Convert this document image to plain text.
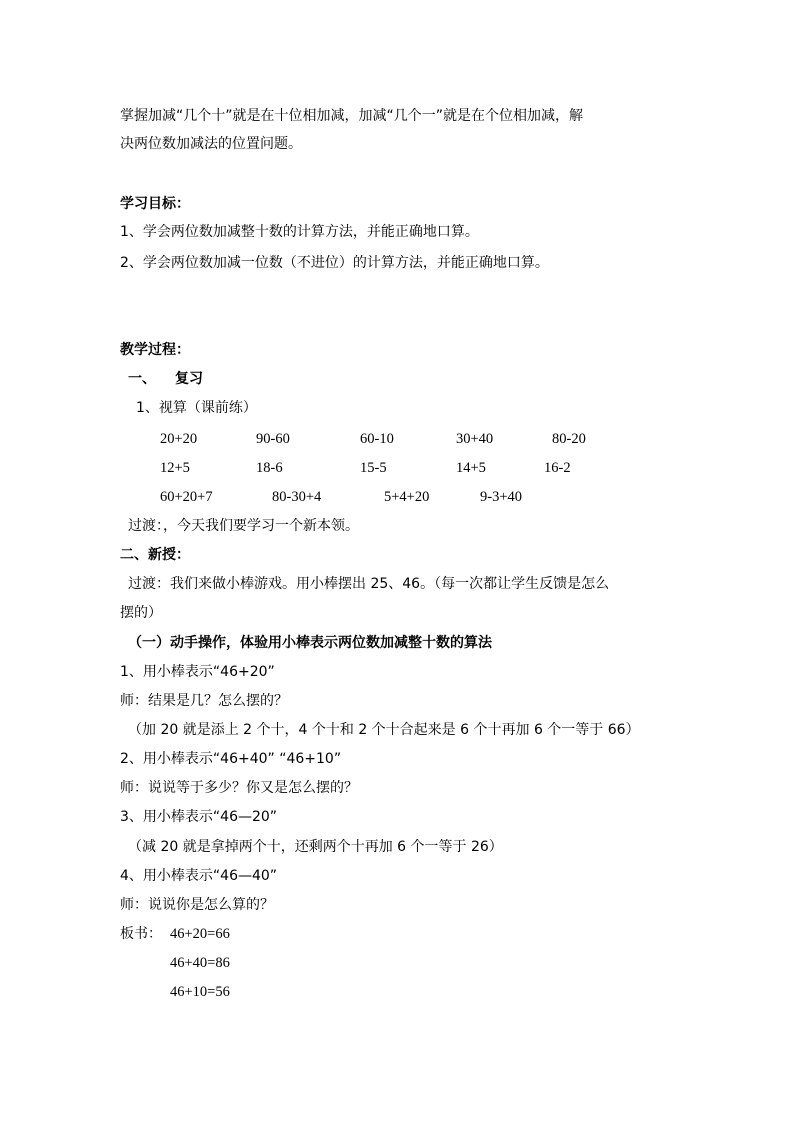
掌握加减“几个十”就是在十位相加减，加减“几个一”就是在个位相加减，解
决两位数加减法的位置问题。
学习目标：
1、学会两位数加减整十数的计算方法，并能正确地口算。
2、学会两位数加减一位数（不进位）的计算方法，并能正确地口算。
教学过程：
一、 复习
1、视算（课前练）
20+20	90-60	60-10	30+40	80-20
12+5	18-6	15-5	14+5	16-2
60+20+7	80-30+4	5+4+20	9-3+40
过渡：，今天我们要学习一个新本领。
二、新授：
过渡：我们来做小棒游戏。用小棒摆出 25、46。（每一次都让学生反馈是怎么
摆的）
（一）动手操作，体验用小棒表示两位数加减整十数的算法
1、用小棒表示“46+20”
师：结果是几？怎么摆的？
（加 20 就是添上 2 个十，4 个十和 2 个十合起来是 6 个十再加 6 个一等于 66）
2、用小棒表示“46+40” “46+10”
师：说说等于多少？你又是怎么摆的？
3、用小棒表示“46—20”
（减 20 就是拿掉两个十，还剩两个十再加 6 个一等于 26）
4、用小棒表示“46—40”
师：说说你是怎么算的？
板书： 46+20=66
46+40=86
46+10=56
